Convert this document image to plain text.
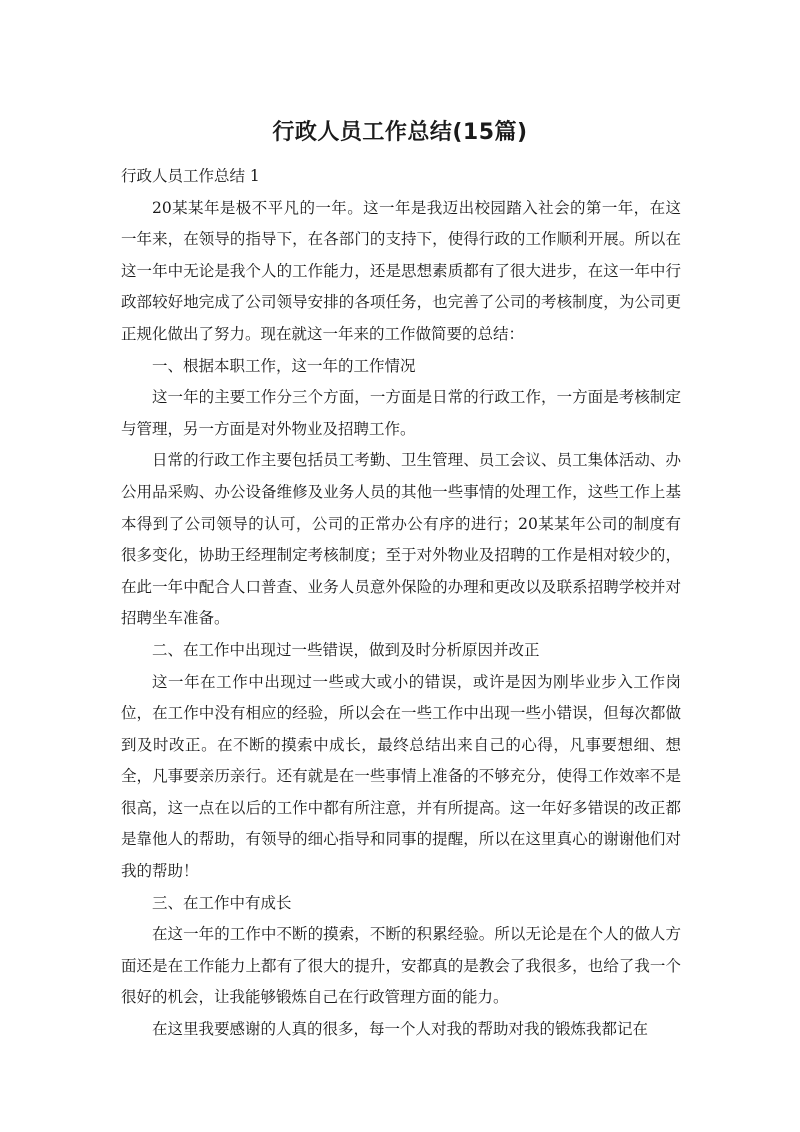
行政人员工作总结(15篇)

行政人员工作总结 1

20某某年是极不平凡的一年。这一年是我迈出校园踏入社会的第一年，在这一年来，在领导的指导下，在各部门的支持下，使得行政的工作顺利开展。所以在这一年中无论是我个人的工作能力，还是思想素质都有了很大进步，在这一年中行政部较好地完成了公司领导安排的各项任务，也完善了公司的考核制度，为公司更正规化做出了努力。现在就这一年来的工作做简要的总结：

一、根据本职工作，这一年的工作情况

这一年的主要工作分三个方面，一方面是日常的行政工作，一方面是考核制定与管理，另一方面是对外物业及招聘工作。

日常的行政工作主要包括员工考勤、卫生管理、员工会议、员工集体活动、办公用品采购、办公设备维修及业务人员的其他一些事情的处理工作，这些工作上基本得到了公司领导的认可，公司的正常办公有序的进行；20某某年公司的制度有很多变化，协助王经理制定考核制度；至于对外物业及招聘的工作是相对较少的，在此一年中配合人口普查、业务人员意外保险的办理和更改以及联系招聘学校并对招聘坐车准备。

二、在工作中出现过一些错误，做到及时分析原因并改正

这一年在工作中出现过一些或大或小的错误，或许是因为刚毕业步入工作岗位，在工作中没有相应的经验，所以会在一些工作中出现一些小错误，但每次都做到及时改正。在不断的摸索中成长，最终总结出来自己的心得，凡事要想细、想全，凡事要亲历亲行。还有就是在一些事情上准备的不够充分，使得工作效率不是很高，这一点在以后的工作中都有所注意，并有所提高。这一年好多错误的改正都是靠他人的帮助，有领导的细心指导和同事的提醒，所以在这里真心的谢谢他们对我的帮助！

三、在工作中有成长

在这一年的工作中不断的摸索，不断的积累经验。所以无论是在个人的做人方面还是在工作能力上都有了很大的提升，安都真的是教会了我很多，也给了我一个很好的机会，让我能够锻炼自己在行政管理方面的能力。

在这里我要感谢的人真的很多，每一个人对我的帮助对我的锻炼我都记在
